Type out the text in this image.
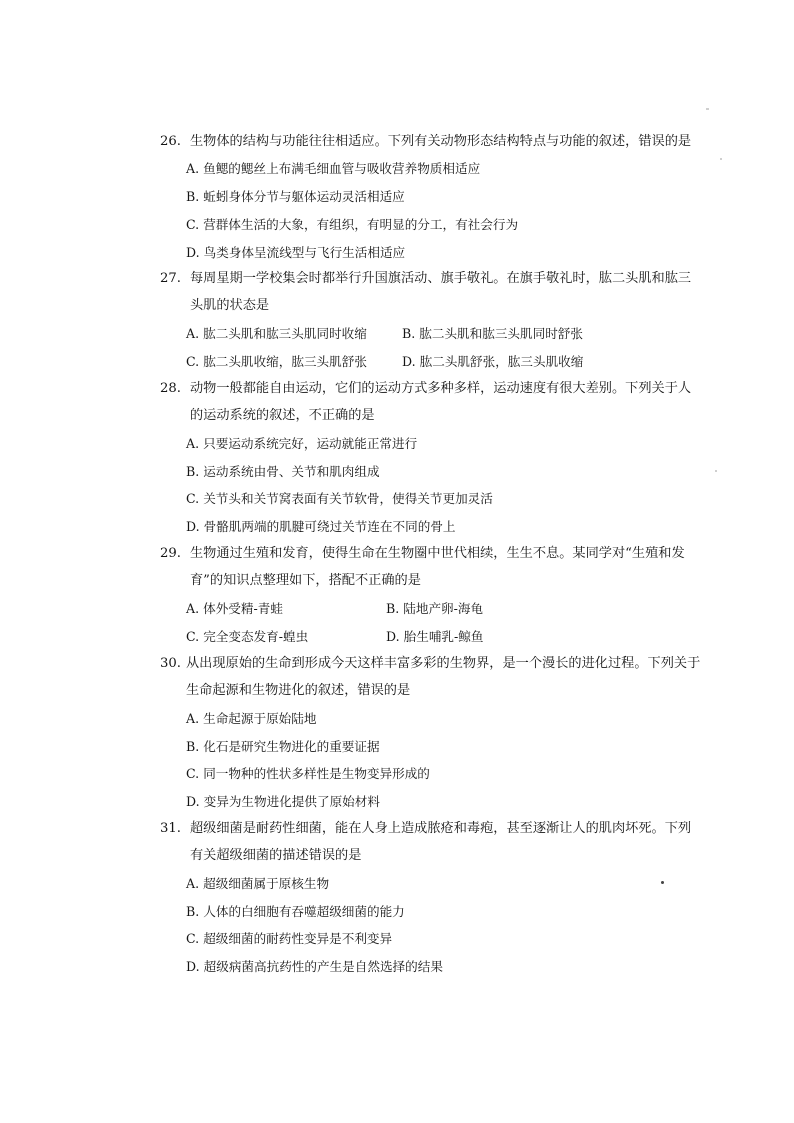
26. 生物体的结构与功能往往相适应。下列有关动物形态结构特点与功能的叙述，错误的是
A. 鱼鳃的鳃丝上布满毛细血管与吸收营养物质相适应
B. 蚯蚓身体分节与躯体运动灵活相适应
C. 营群体生活的大象，有组织，有明显的分工，有社会行为
D. 鸟类身体呈流线型与飞行生活相适应
27. 每周星期一学校集会时都举行升国旗活动、旗手敬礼。在旗手敬礼时，肱二头肌和肱三
头肌的状态是
A. 肱二头肌和肱三头肌同时收缩	B. 肱二头肌和肱三头肌同时舒张
C. 肱二头肌收缩，肱三头肌舒张	D. 肱二头肌舒张，肱三头肌收缩
28. 动物一般都能自由运动，它们的运动方式多种多样，运动速度有很大差别。下列关于人
的运动系统的叙述，不正确的是
A. 只要运动系统完好，运动就能正常进行
B. 运动系统由骨、关节和肌肉组成
C. 关节头和关节窝表面有关节软骨，使得关节更加灵活
D. 骨骼肌两端的肌腱可绕过关节连在不同的骨上
29. 生物通过生殖和发育，使得生命在生物圈中世代相续，生生不息。某同学对“生殖和发
育”的知识点整理如下，搭配不正确的是
A. 体外受精-青蛙	B. 陆地产卵-海龟
C. 完全变态发育-蝗虫	D. 胎生哺乳-鲸鱼
30. 从出现原始的生命到形成今天这样丰富多彩的生物界，是一个漫长的进化过程。下列关于
生命起源和生物进化的叙述，错误的是
A. 生命起源于原始陆地
B. 化石是研究生物进化的重要证据
C. 同一物种的性状多样性是生物变异形成的
D. 变异为生物进化提供了原始材料
31. 超级细菌是耐药性细菌，能在人身上造成脓疮和毒疱，甚至逐渐让人的肌肉坏死。下列
有关超级细菌的描述错误的是
A. 超级细菌属于原核生物
B. 人体的白细胞有吞噬超级细菌的能力
C. 超级细菌的耐药性变异是不利变异
D. 超级病菌高抗药性的产生是自然选择的结果
